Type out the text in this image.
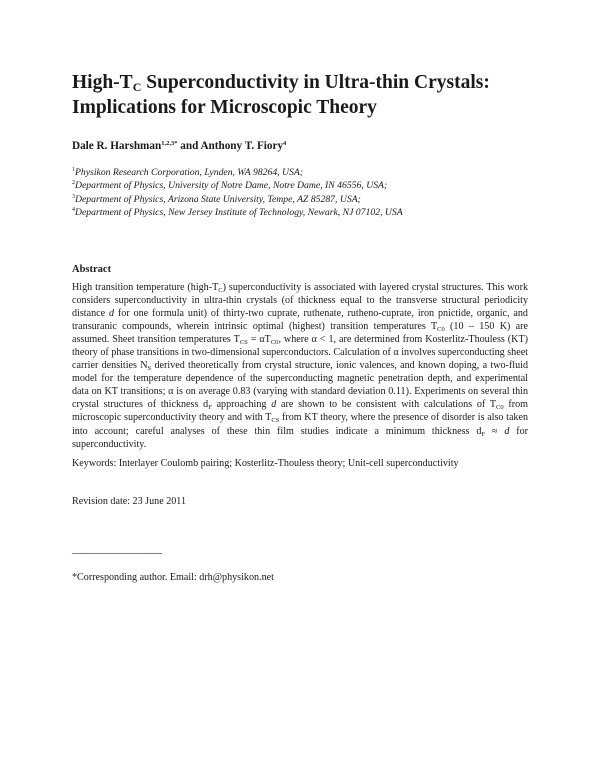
High-$T_C$ Superconductivity in Ultra-thin Crystals:
Implications for Microscopic Theory

Dale R. Harshman$^{1,2,3*}$ and Anthony T. Fiory$^4$

$^1$Physikon Research Corporation, Lynden, WA 98264, USA;
$^2$Department of Physics, University of Notre Dame, Notre Dame, IN 46556, USA;
$^3$Department of Physics, Arizona State University, Tempe, AZ 85287, USA;
$^4$Department of Physics, New Jersey Institute of Technology, Newark, NJ 07102, USA

Abstract

High transition temperature $(high-T_C)$ superconductivity is associated with layered crystal structures. This work considers superconductivity in ultra-thin crystals (of thickness equal to the transverse structural periodicity distance d for one formula unit) of thirty-two cuprate, ruthenate, rutheno-cuprate, iron pnictide, organic, and transuranic compounds, wherein intrinsic optimal (highest) transition temperatures $T_{C0}$ (10 – 150 K) are assumed. Sheet transition temperatures $T_{CS} = \alpha T_{C0}$, where α < 1, are determined from Kosterlitz-Thouless (KT) theory of phase transitions in two-dimensional superconductors. Calculation of α involves superconducting sheet carrier densities $N_S$ derived theoretically from crystal structure, ionic valences, and known doping, a two-fluid model for the temperature dependence of the superconducting magnetic penetration depth, and experimental data on KT transitions; α is on average 0.83 (varying with standard deviation 0.11). Experiments on several thin crystal structures of thickness $d_F$ approaching d are shown to be consistent with calculations of $T_{C0}$ from microscopic superconductivity theory and with $T_{CS}$ from KT theory, where the presence of disorder is also taken into account; careful analyses of these thin film studies indicate a minimum thickness $d_F \approx d$ for superconductivity.

Keywords: Interlayer Coulomb pairing; Kosterlitz-Thouless theory; Unit-cell superconductivity

Revision date: 23 June 2011

______________________

*Corresponding author. Email: drh@physikon.net
